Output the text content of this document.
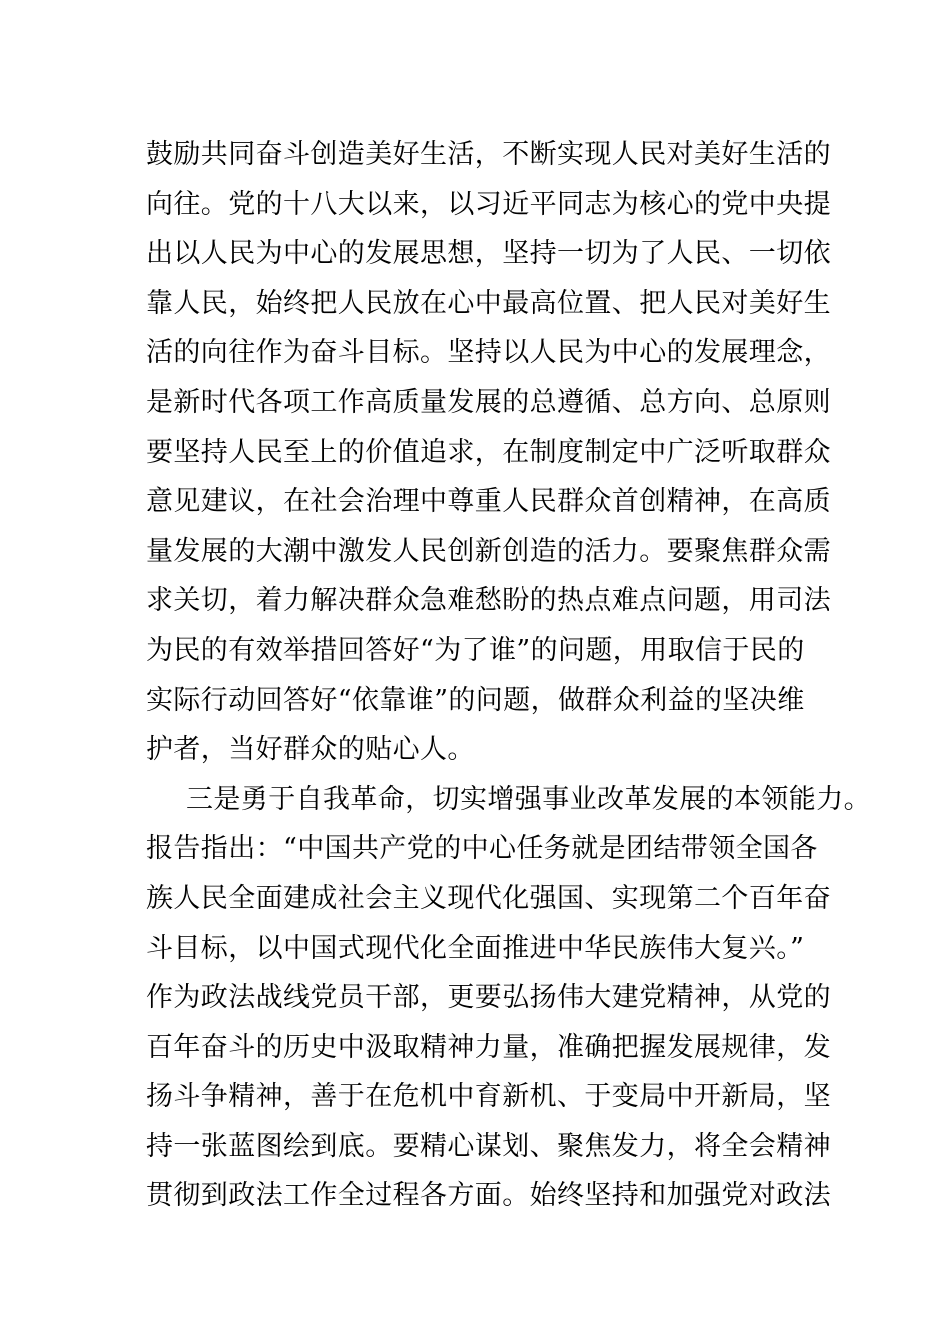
鼓励共同奋斗创造美好生活，不断实现人民对美好生活的
向往。党的十八大以来，以习近平同志为核心的党中央提
出以人民为中心的发展思想，坚持一切为了人民、一切依
靠人民，始终把人民放在心中最高位置、把人民对美好生
活的向往作为奋斗目标。坚持以人民为中心的发展理念，
是新时代各项工作高质量发展的总遵循、总方向、总原则
要坚持人民至上的价值追求，在制度制定中广泛听取群众
意见建议，在社会治理中尊重人民群众首创精神，在高质
量发展的大潮中激发人民创新创造的活力。要聚焦群众需
求关切，着力解决群众急难愁盼的热点难点问题，用司法
为民的有效举措回答好“为了谁”的问题，用取信于民的
实际行动回答好“依靠谁”的问题，做群众利益的坚决维
护者，当好群众的贴心人。
三是勇于自我革命，切实增强事业改革发展的本领能力。
报告指出：“中国共产党的中心任务就是团结带领全国各
族人民全面建成社会主义现代化强国、实现第二个百年奋
斗目标，以中国式现代化全面推进中华民族伟大复兴。”
作为政法战线党员干部，更要弘扬伟大建党精神，从党的
百年奋斗的历史中汲取精神力量，准确把握发展规律，发
扬斗争精神，善于在危机中育新机、于变局中开新局，坚
持一张蓝图绘到底。要精心谋划、聚焦发力，将全会精神
贯彻到政法工作全过程各方面。始终坚持和加强党对政法
